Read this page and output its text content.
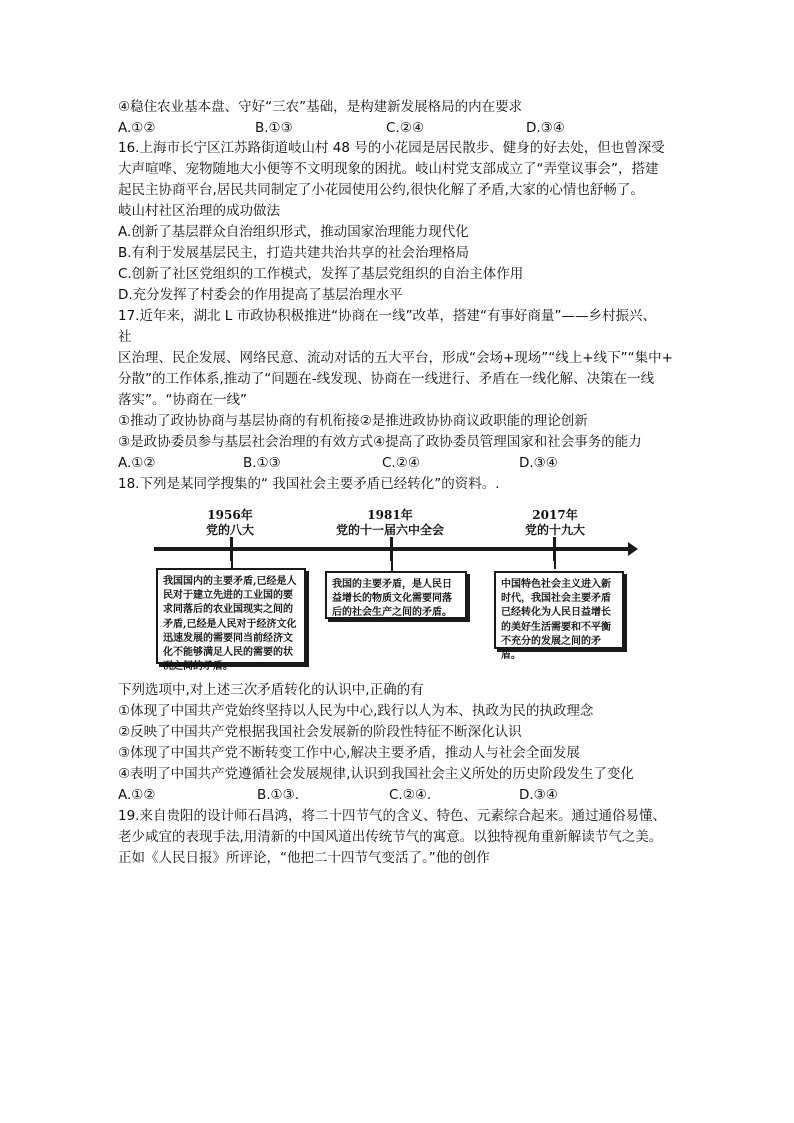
④稳住农业基本盘、守好“三农”基础，是构建新发展格局的内在要求
A.①②	B.①③	C.②④	D.③④
16.上海市长宁区江苏路街道岐山村 48 号的小花园是居民散步、健身的好去处，但也曾深受
大声喧哗、宠物随地大小便等不文明现象的困扰。岐山村党支部成立了“弄堂议事会”，搭建
起民主协商平台,居民共同制定了小花园使用公约,很快化解了矛盾,大家的心情也舒畅了。
岐山村社区治理的成功做法
A.创新了基层群众自治组织形式，推动国家治理能力现代化
B.有利于发展基层民主，打造共建共治共享的社会治理格局
C.创新了社区党组织的工作模式，发挥了基层党组织的自治主体作用
D.充分发挥了村委会的作用提高了基层治理水平
17.近年来，湖北 L 市政协积极推进“协商在一线”改革，搭建“有事好商量”——乡村振兴、
社
区治理、民企发展、网络民意、流动对话的五大平台，形成“会场+现场”“线上+线下”“集中+
分散”的工作体系,推动了“问题在-线发现、协商在一线进行、矛盾在一线化解、决策在一线
落实”。“协商在一线”
①推动了政协协商与基层协商的有机衔接②是推进政协协商议政职能的理论创新
③是政协委员参与基层社会治理的有效方式④提高了政协委员管理国家和社会事务的能力
A.①②	B.①③	C.②④	D.③④
18.下列是某同学搜集的“ 我国社会主要矛盾已经转化”的资料。.
1956年
党的八大
1981年
党的十一届六中全会
2017年
党的十九大
我国国内的主要矛盾,已经是人民对于建立先进的工业国的要求同落后的农业国现实之间的矛盾,已经是人民对于经济文化迅速发展的需要同当前经济文化不能够满足人民的需要的状况之间的矛盾。
我国的主要矛盾，是人民日益增长的物质文化需要同落后的社会生产之间的矛盾。
中国特色社会主义进入新时代，我国社会主要矛盾已经转化为人民日益增长的美好生活需要和不平衡不充分的发展之间的矛盾。
下列选项中,对上述三次矛盾转化的认识中,正确的有
①体现了中国共产党始终坚持以人民为中心,践行以人为本、执政为民的执政理念
②反映了中国共产党根据我国社会发展新的阶段性特征不断深化认识
③体现了中国共产党不断转变工作中心,解决主要矛盾，推动人与社会全面发展
④表明了中国共产党遵循社会发展规律,认识到我国社会主义所处的历史阶段发生了变化
A.①②	B.①③.	C.②④.	D.③④
19.来自贵阳的设计师石昌鸿，将二十四节气的含义、特色、元素综合起来。通过通俗易懂、
老少咸宜的表现手法,用清新的中国风道出传统节气的寓意。以独特视角重新解读节气之美。
正如《人民日报》所评论，“他把二十四节气变活了。”他的创作
